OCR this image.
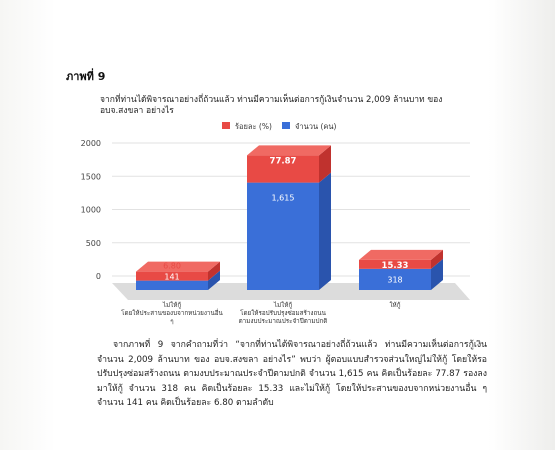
ภาพที่ 9
จากที่ท่านได้พิจารณาอย่างถี่ถ้วนแล้ว ท่านมีความเห็นต่อการกู้เงินจำนวน 2,009 ล้านบาท ของ อบจ.สงขลา อย่างไร
2000
1500
1000
500
0
ร้อยละ (%)	จำนวน (คน)
6.80
141
ไม่ให้กู้
โดยให้ประสานของบจากหน่วยงานอื่น
ๆ
77.87
1,615
ไม่ให้กู้
โดยให้รอปรับปรุงซ่อมสร้างถนน
ตามงบประมาณประจำปีตามปกติ
15.33
318
ให้กู้
จากภาพที่ 9 จากคำถามที่ว่า “จากที่ท่านได้พิจารณาอย่างถี่ถ้วนแล้ว ท่านมีความเห็นต่อการกู้เงินจำนวน 2,009 ล้านบาท ของ อบจ.สงขลา อย่างไร” พบว่า ผู้ตอบแบบสำรวจส่วนใหญ่ไม่ให้กู้ โดยให้รอปรับปรุงซ่อมสร้างถนน ตามงบประมาณประจำปีตามปกติ จำนวน 1,615 คน คิดเป็นร้อยละ 77.87 รองลงมาให้กู้ จำนวน 318 คน คิดเป็นร้อยละ 15.33 และไม่ให้กู้ โดยให้ประสานของบจากหน่วยงานอื่น ๆ จำนวน 141 คน คิดเป็นร้อยละ 6.80 ตามลำดับ
